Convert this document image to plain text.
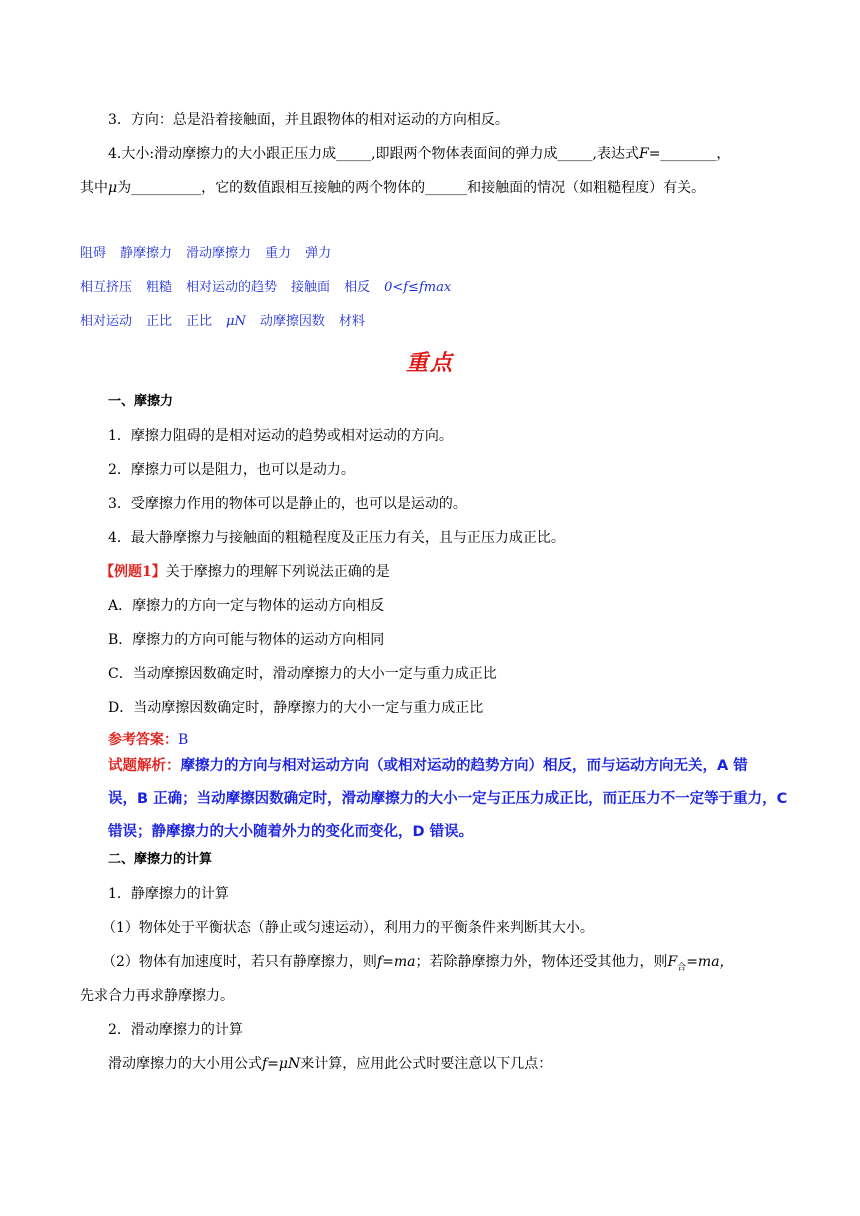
3．方向：总是沿着接触面，并且跟物体的相对运动的方向相反。
4.大小:滑动摩擦力的大小跟正压力成_____,即跟两个物体表面间的弹力成_____,表达式F=________，
其中μ为__________，它的数值跟相互接触的两个物体的______和接触面的情况（如粗糙程度）有关。
阻碍 静摩擦力 滑动摩擦力 重力 弹力
相互挤压 粗糙 相对运动的趋势 接触面 相反 0<f≤fmax
相对运动 正比 正比 μN 动摩擦因数 材料
重点
一、摩擦力
1．摩擦力阻碍的是相对运动的趋势或相对运动的方向。
2．摩擦力可以是阻力，也可以是动力。
3．受摩擦力作用的物体可以是静止的，也可以是运动的。
4．最大静摩擦力与接触面的粗糙程度及正压力有关，且与正压力成正比。
【例题1】关于摩擦力的理解下列说法正确的是
A．摩擦力的方向一定与物体的运动方向相反
B．摩擦力的方向可能与物体的运动方向相同
C．当动摩擦因数确定时，滑动摩擦力的大小一定与重力成正比
D．当动摩擦因数确定时，静摩擦力的大小一定与重力成正比
参考答案：B
试题解析：摩擦力的方向与相对运动方向（或相对运动的趋势方向）相反，而与运动方向无关，A 错
误，B 正确；当动摩擦因数确定时，滑动摩擦力的大小一定与正压力成正比，而正压力不一定等于重力，C
错误；静摩擦力的大小随着外力的变化而变化，D 错误。
二、摩擦力的计算
1．静摩擦力的计算
（1）物体处于平衡状态（静止或匀速运动），利用力的平衡条件来判断其大小。
（2）物体有加速度时，若只有静摩擦力，则f=ma；若除静摩擦力外，物体还受其他力，则$F_合=ma$，
先求合力再求静摩擦力。
2．滑动摩擦力的计算
滑动摩擦力的大小用公式f=μN来计算，应用此公式时要注意以下几点：
